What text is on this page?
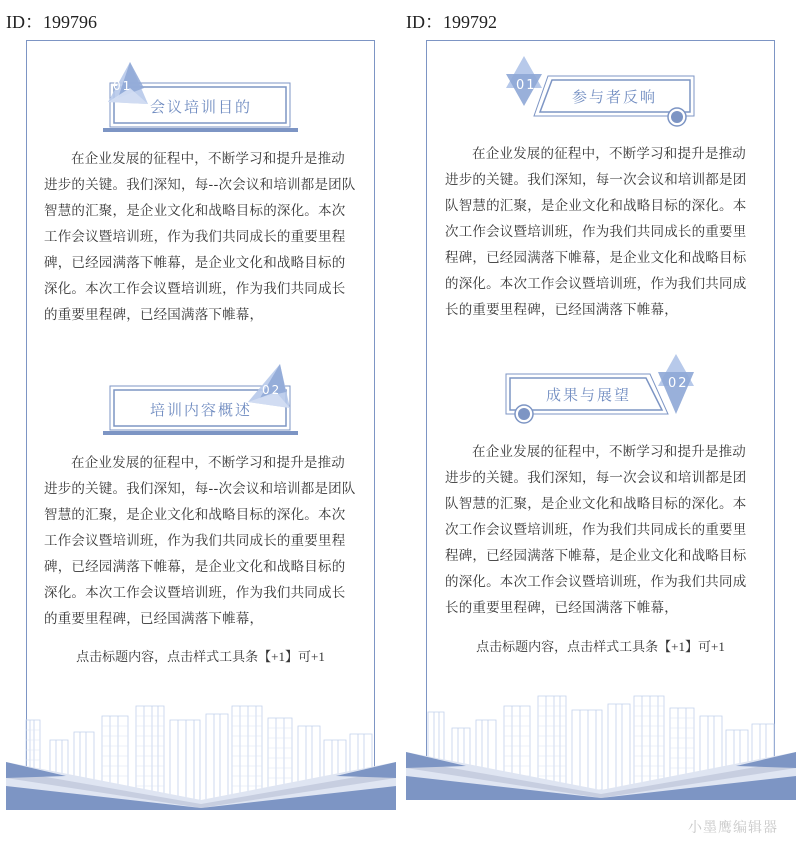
ID：199796
01
会议培训目的

在企业发展的征程中，不断学习和提升是推动进步的关键。我们深知，每--次会议和培训都是团队智慧的汇聚，是企业文化和战略目标的深化。本次工作会议暨培训班，作为我们共同成长的重要里程碑，已经园满落下帷幕，是企业文化和战略目标的深化。本次工作会议暨培训班，作为我们共同成长的重要里程碑，已经国满落下帷幕，

02
培训内容概述

在企业发展的征程中，不断学习和提升是推动进步的关键。我们深知，每--次会议和培训都是团队智慧的汇聚，是企业文化和战略目标的深化。本次工作会议暨培训班，作为我们共同成长的重要里程碑，已经园满落下帷幕，是企业文化和战略目标的深化。本次工作会议暨培训班，作为我们共同成长的重要里程碑，已经国满落下帷幕，

点击标题内容，点击样式工具条【+1】可+1
ID：199792
01
参与者反响

在企业发展的征程中，不断学习和提升是推动进步的关键。我们深知，每一次会议和培训都是团队智慧的汇聚，是企业文化和战略目标的深化。本次工作会议暨培训班，作为我们共同成长的重要里程碑，已经园满落下帷幕，是企业文化和战略目标的深化。本次工作会议暨培训班，作为我们共同成长的重要里程碑，已经国满落下帷幕，

02
成果与展望

在企业发展的征程中，不断学习和提升是推动进步的关键。我们深知，每一次会议和培训都是团队智慧的汇聚，是企业文化和战略目标的深化。本次工作会议暨培训班，作为我们共同成长的重要里程碑，已经园满落下帷幕，是企业文化和战略目标的深化。本次工作会议暨培训班，作为我们共同成长的重要里程碑，已经国满落下帷幕，

点击标题内容，点击样式工具条【+1】可+1
小墨鹰编辑器
